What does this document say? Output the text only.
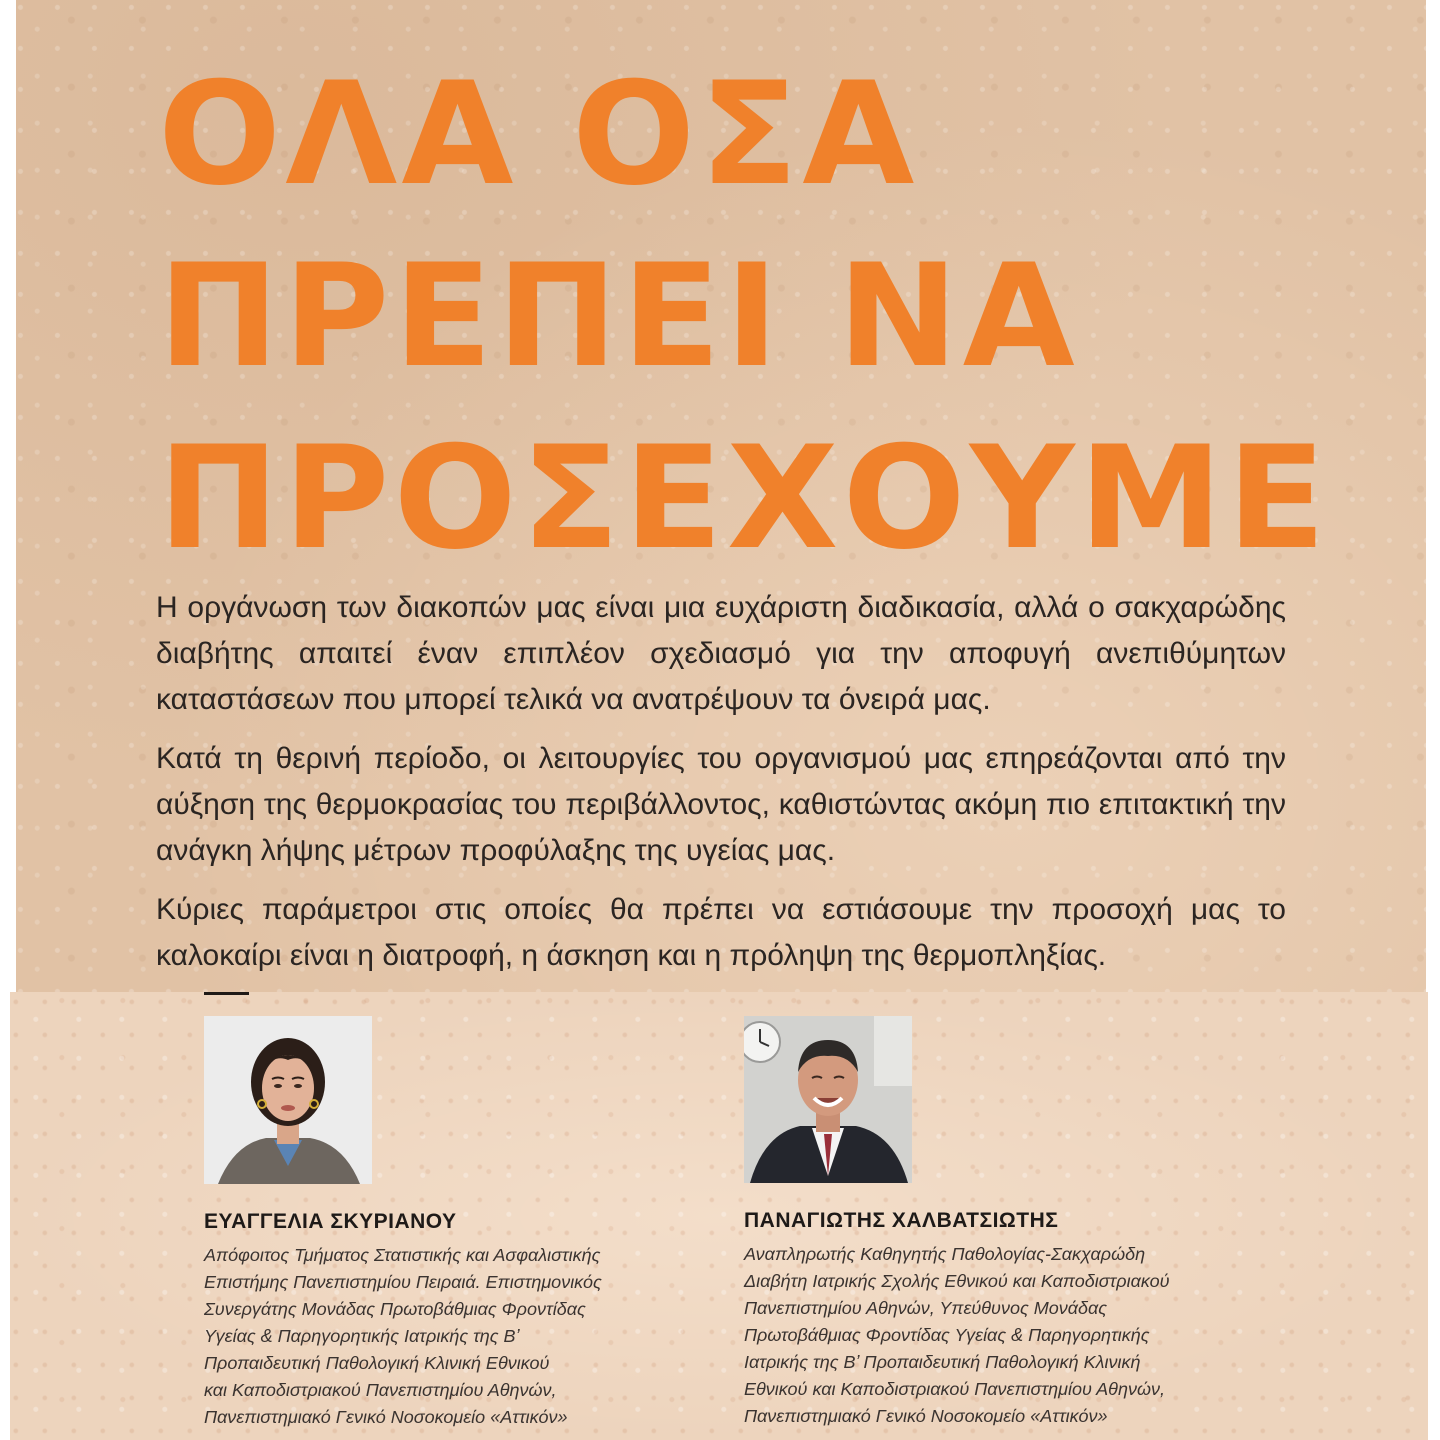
ΟΛΑ ΟΣΑ
ΠΡΕΠΕΙ ΝΑ
ΠΡΟΣΕΧΟΥΜΕ

Η οργάνωση των διακοπών μας είναι μια ευχάριστη διαδικασία, αλλά ο σακχαρώδης διαβήτης απαιτεί έναν επιπλέον σχεδιασμό για την αποφυγή ανεπιθύμητων καταστάσεων που μπορεί τελικά να ανατρέψουν τα όνειρά μας.

Κατά τη θερινή περίοδο, οι λειτουργίες του οργανισμού μας επηρεάζονται από την αύξηση της θερμοκρασίας του περιβάλλοντος, καθιστώντας ακόμη πιο επιτακτική την ανάγκη λήψης μέτρων προφύλαξης της υγείας μας.

Κύριες παράμετροι στις οποίες θα πρέπει να εστιάσουμε την προσοχή μας το καλοκαίρι είναι η διατροφή, η άσκηση και η πρόληψη της θερμοπληξίας.

ΕΥΑΓΓΕΛΙΑ ΣΚΥΡΙΑΝΟΥ
Απόφοιτος Τμήματος Στατιστικής και Ασφαλιστικής
Επιστήμης Πανεπιστημίου Πειραιά. Επιστημονικός
Συνεργάτης Μονάδας Πρωτοβάθμιας Φροντίδας
Υγείας & Παρηγορητικής Ιατρικής της Β’
Προπαιδευτική Παθολογική Κλινική Εθνικού
και Καποδιστριακού Πανεπιστημίου Αθηνών,
Πανεπιστημιακό Γενικό Νοσοκομείο «Αττικόν»
ΠΑΝΑΓΙΩΤΗΣ ΧΑΛΒΑΤΣΙΩΤΗΣ
Αναπληρωτής Καθηγητής Παθολογίας-Σακχαρώδη
Διαβήτη Ιατρικής Σχολής Εθνικού και Καποδιστριακού
Πανεπιστημίου Αθηνών, Υπεύθυνος Μονάδας
Πρωτοβάθμιας Φροντίδας Υγείας & Παρηγορητικής
Ιατρικής της Β’ Προπαιδευτική Παθολογική Κλινική
Εθνικού και Καποδιστριακού Πανεπιστημίου Αθηνών,
Πανεπιστημιακό Γενικό Νοσοκομείο «Αττικόν»
